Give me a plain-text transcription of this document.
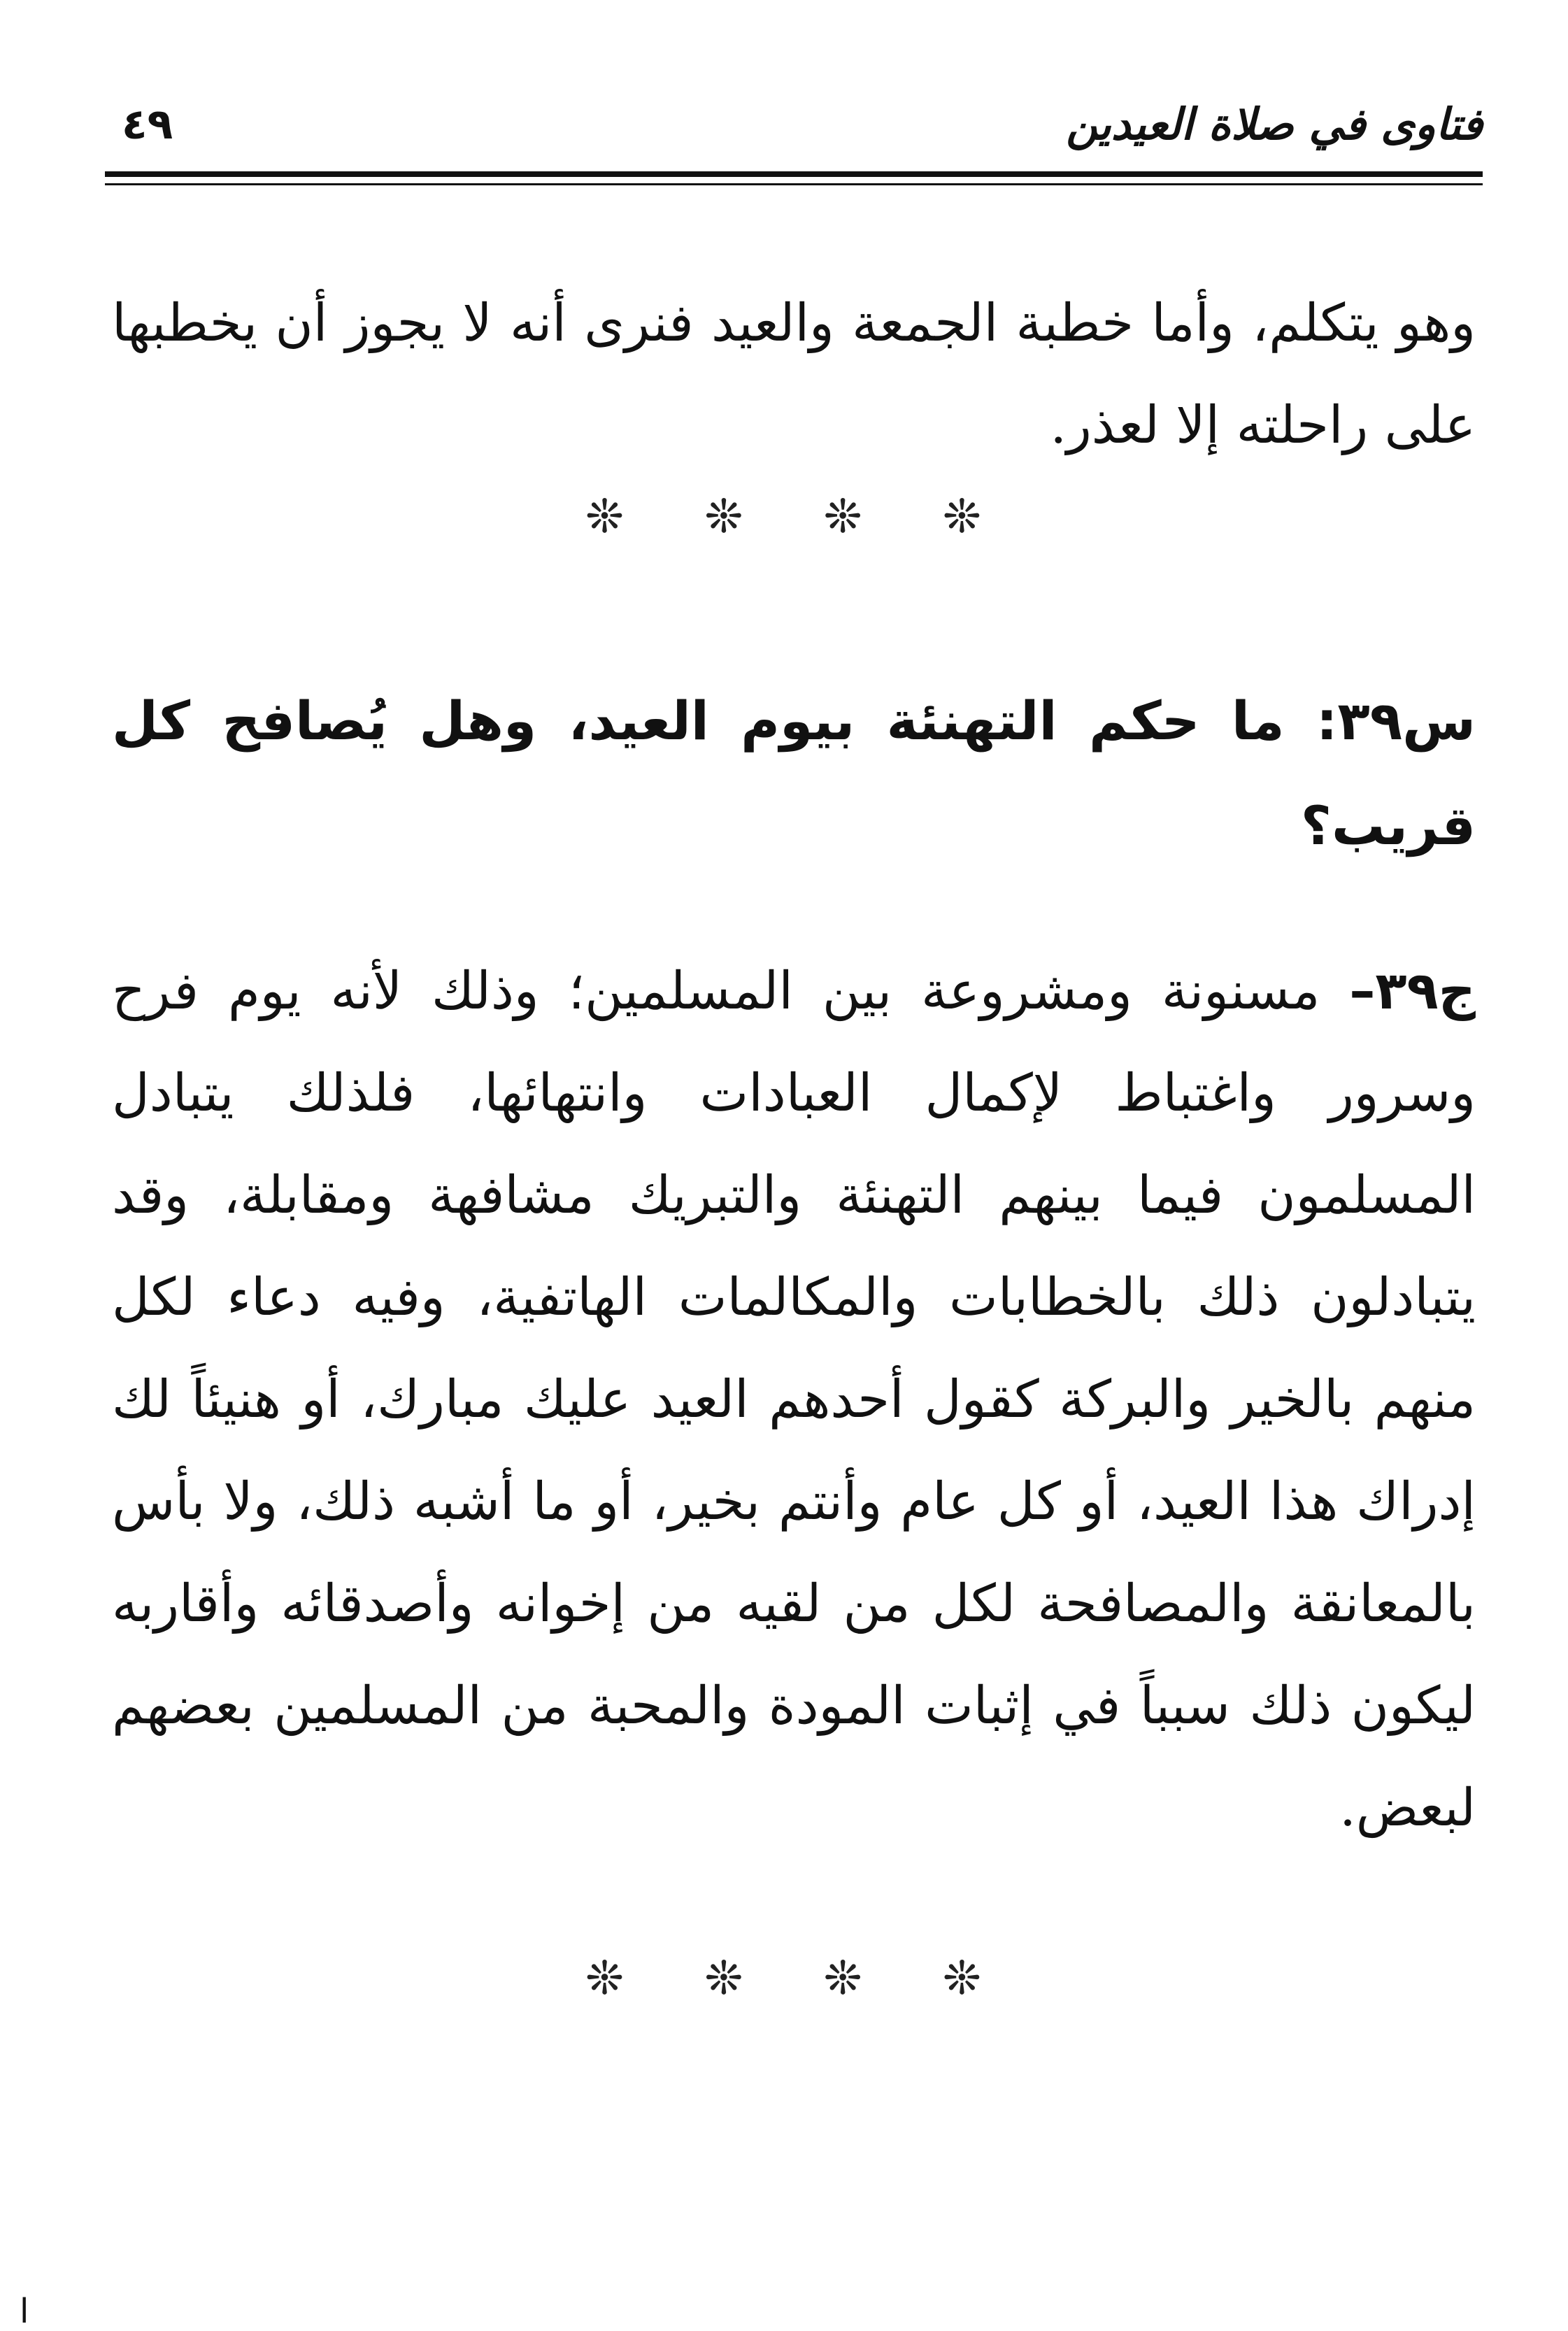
٤٩	فتاوى في صلاة العيدين

وهو يتكلم، وأما خطبة الجمعة والعيد فنرى أنه لا يجوز أن يخطبها على راحلته إلا لعذر.

❊ ❊ ❊ ❊

س٣٩: ما حكم التهنئة بيوم العيد، وهل يُصافح كل قريب؟

ج٣٩– مسنونة ومشروعة بين المسلمين؛ وذلك لأنه يوم فرح وسرور واغتباط لإكمال العبادات وانتهائها، فلذلك يتبادل المسلمون فيما بينهم التهنئة والتبريك مشافهة ومقابلة، وقد يتبادلون ذلك بالخطابات والمكالمات الهاتفية، وفيه دعاء لكل منهم بالخير والبركة كقول أحدهم العيد عليك مبارك، أو هنيئاً لك إدراك هذا العيد، أو كل عام وأنتم بخير، أو ما أشبه ذلك، ولا بأس بالمعانقة والمصافحة لكل من لقيه من إخوانه وأصدقائه وأقاربه ليكون ذلك سبباً في إثبات المودة والمحبة من المسلمين بعضهم لبعض.

❊ ❊ ❊ ❊
ا
